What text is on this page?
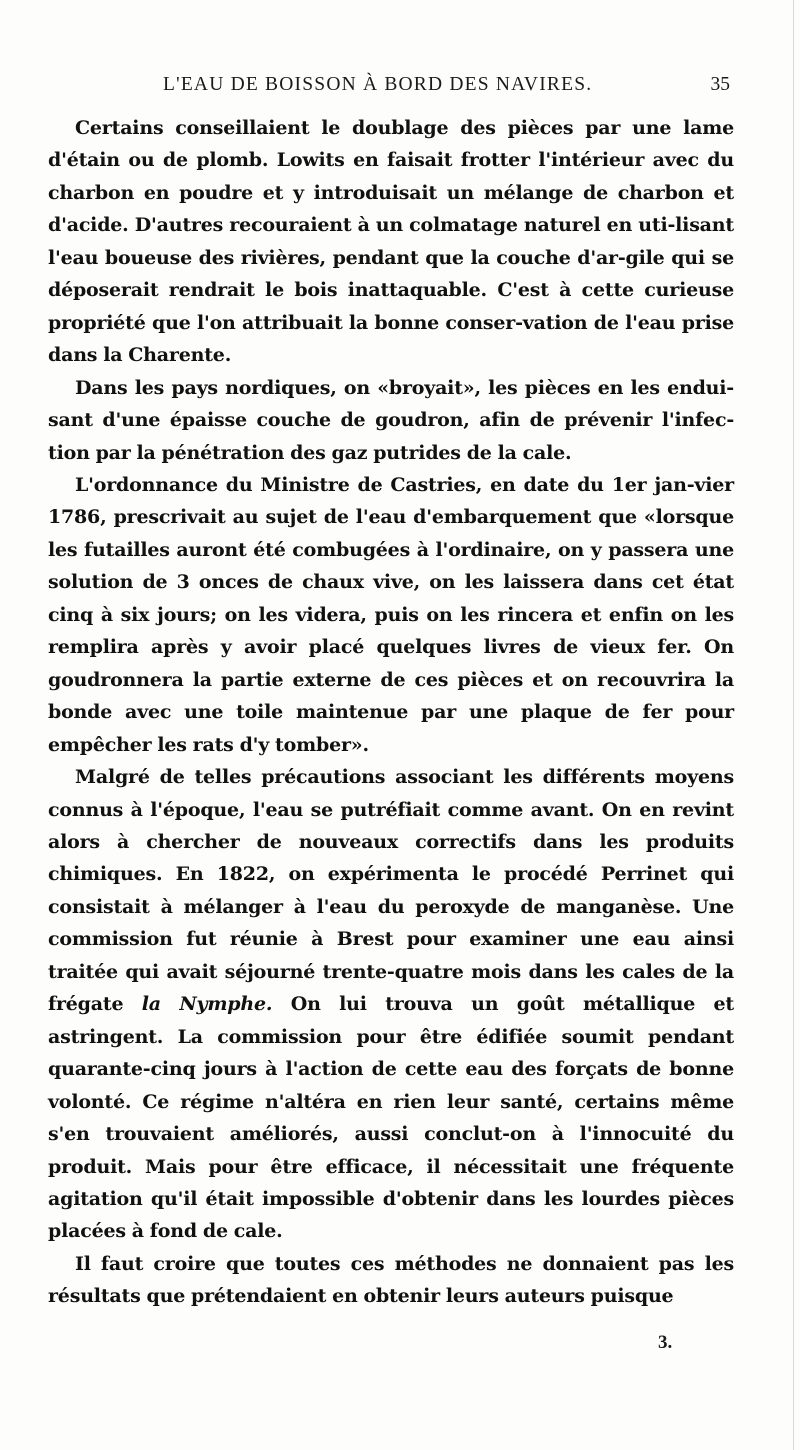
L'EAU DE BOISSON À BORD DES NAVIRES.	35

Certains conseillaient le doublage des pièces par une lame d'étain ou de plomb. Lowits en faisait frotter l'intérieur avec du charbon en poudre et y introduisait un mélange de charbon et d'acide. D'autres recouraient à un colmatage naturel en uti-lisant l'eau boueuse des rivières, pendant que la couche d'ar-gile qui se déposerait rendrait le bois inattaquable. C'est à cette curieuse propriété que l'on attribuait la bonne conser-vation de l'eau prise dans la Charente.

Dans les pays nordiques, on «broyait», les pièces en les endui-sant d'une épaisse couche de goudron, afin de prévenir l'infec-tion par la pénétration des gaz putrides de la cale.

L'ordonnance du Ministre de Castries, en date du 1er jan-vier 1786, prescrivait au sujet de l'eau d'embarquement que «lorsque les futailles auront été combugées à l'ordinaire, on y passera une solution de 3 onces de chaux vive, on les laissera dans cet état cinq à six jours; on les videra, puis on les rincera et enfin on les remplira après y avoir placé quelques livres de vieux fer. On goudronnera la partie externe de ces pièces et on recouvrira la bonde avec une toile maintenue par une plaque de fer pour empêcher les rats d'y tomber».

Malgré de telles précautions associant les différents moyens connus à l'époque, l'eau se putréfiait comme avant. On en revint alors à chercher de nouveaux correctifs dans les produits chimiques. En 1822, on expérimenta le procédé Perrinet qui consistait à mélanger à l'eau du peroxyde de manganèse. Une commission fut réunie à Brest pour examiner une eau ainsi traitée qui avait séjourné trente-quatre mois dans les cales de la frégate la Nymphe. On lui trouva un goût métallique et astringent. La commission pour être édifiée soumit pendant quarante-cinq jours à l'action de cette eau des forçats de bonne volonté. Ce régime n'altéra en rien leur santé, certains même s'en trouvaient améliorés, aussi conclut-on à l'innocuité du produit. Mais pour être efficace, il nécessitait une fréquente agitation qu'il était impossible d'obtenir dans les lourdes pièces placées à fond de cale.

Il faut croire que toutes ces méthodes ne donnaient pas les résultats que prétendaient en obtenir leurs auteurs puisque

3.
